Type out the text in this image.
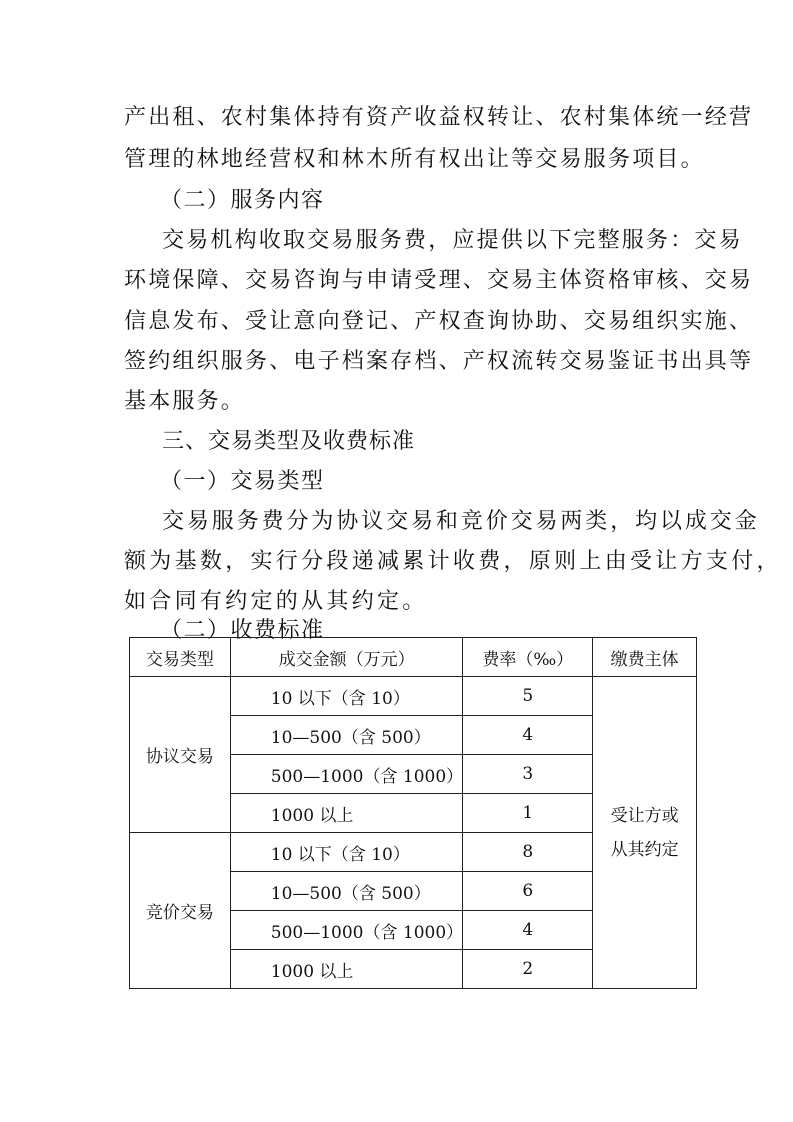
产出租、农村集体持有资产收益权转让、农村集体统一经营
管理的林地经营权和林木所有权出让等交易服务项目。
（二）服务内容
交易机构收取交易服务费，应提供以下完整服务：交易
环境保障、交易咨询与申请受理、交易主体资格审核、交易
信息发布、受让意向登记、产权查询协助、交易组织实施、
签约组织服务、电子档案存档、产权流转交易鉴证书出具等
基本服务。
三、交易类型及收费标准
（一）交易类型
交易服务费分为协议交易和竞价交易两类，均以成交金
额为基数，实行分段递减累计收费，原则上由受让方支付，
如合同有约定的从其约定。
（二）收费标准
交易类型	成交金额（万元）	费率（‰）	缴费主体
协议交易	10 以下（含 10）	5	受让方或
从其约定

	10—500（含 500）	4	
	500—1000（含 1000）	3	
	1000 以上	1	
竞价交易	10 以下（含 10）	8	
	10—500（含 500）	6	
	500—1000（含 1000）	4	
	1000 以上	2	
